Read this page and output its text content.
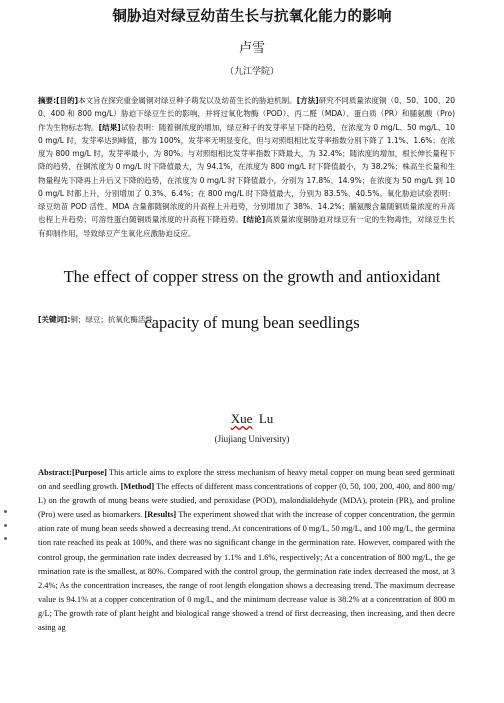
铜胁迫对绿豆幼苗生长与抗氧化能力的影响
卢雪
（九江学院）
摘要:[目的]本文旨在探究重金属铜对绿豆种子萌发以及幼苗生长的胁迫机制。[方法]研究不同质量浓度铜（0、50、100、200、400 和 800 mg/L）胁迫下绿豆生长的影响，并将过氧化物酶（POD）、丙二醛（MDA）、蛋白质（PR）和脯氨酸（Pro)作为生物标志物。[结果]试验表明：随着铜浓度的增加，绿豆种子的发芽率呈下降的趋势，在浓度为 0 mg/L、50 mg/L、100 mg/L 时，发芽率达到峰值，都为 100%，发芽率无明显变化，但与对照组相比发芽率指数分别下降了 1.1%、1.6%；在浓度为 800 mg/L 时，发芽率最小，为 80%。与对照组相比发芽率指数下降最大，为 32.4%；随浓度的增加，根长伸长量程下降的趋势，在铜浓度为 0 mg/L 时下降值最大，为 94.1%，在浓度为 800 mg/L 时下降值最小，为 38.2%；株高生长量和生物量程先下降再上升后又下降的趋势，在浓度为 0 mg/L 时下降值最小，分别为 17.8%、14.9%；在浓度为 50 mg/L 到 100 mg/L 时都上升，分别增加了 0.3%、6.4%；在 800 mg/L 时下降值最大，分别为 83.5%、40.5%。氧化胁迫试验表明：绿豆幼苗 POD 活性、MDA 含量都随铜浓度的升高程上升趋势，分别增加了 38%、14.2%；脯氨酸含量随铜质量浓度的升高也程上升趋势；可溶性蛋白随铜质量浓度的升高程下降趋势。[结论]高质量浓度铜胁迫对绿豆有一定的生物毒性，对绿豆生长有抑制作用，导致绿豆产生氧化应激胁迫反应。
[关键词]:铜；绿豆；抗氧化酶活性
The effect of copper stress on the growth and antioxidant
capacity of mung bean seedlings
Xue Lu
(Jiujiang University)
Abstract:[Purpose] This article aims to explore the stress mechanism of heavy metal copper on mung bean seed germination and seedling growth. [Method] The effects of different mass concentrations of copper (0, 50, 100, 200, 400, and 800 mg/L) on the growth of mung beans were studied, and peroxidase (POD), malondialdehyde (MDA), protein (PR), and proline (Pro) were used as biomarkers. [Results] The experiment showed that with the increase of copper concentration, the germination rate of mung bean seeds showed a decreasing trend. At concentrations of 0 mg/L, 50 mg/L, and 100 mg/L, the germination rate reached its peak at 100%, and there was no significant change in the germination rate. However, compared with the control group, the germination rate index decreased by 1.1% and 1.6%, respectively; At a concentration of 800 mg/L, the germination rate is the smallest, at 80%. Compared with the control group, the germination rate index decreased the most, at 32.4%; As the concentration increases, the range of root length elongation shows a decreasing trend. The maximum decrease value is 94.1% at a copper concentration of 0 mg/L, and the minimum decrease value is 38.2% at a concentration of 800 mg/L; The growth rate of plant height and biological range showed a trend of first decreasing, then increasing, and then decreasing ag
